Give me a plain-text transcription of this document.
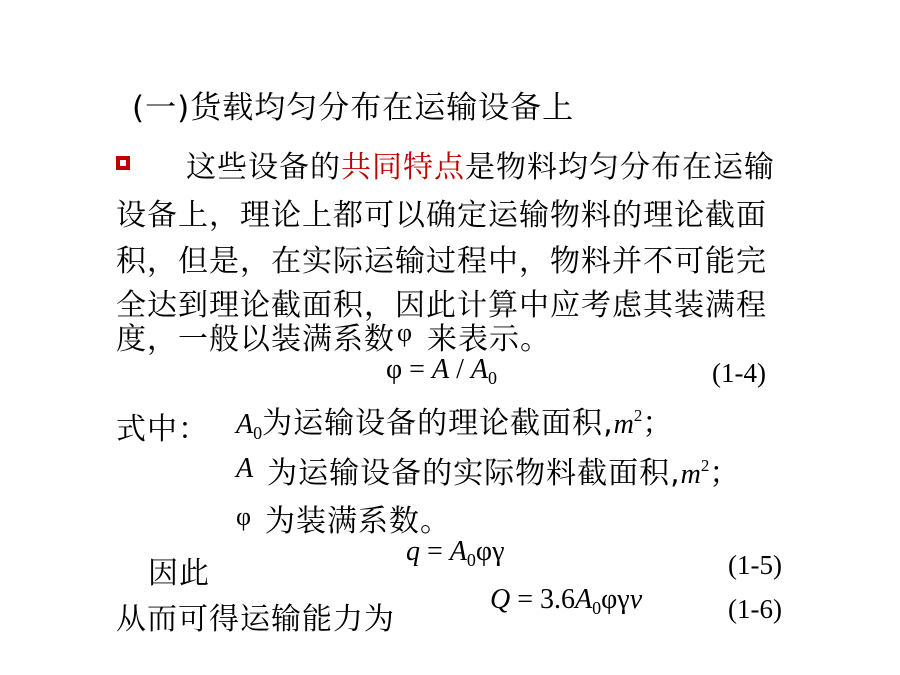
(一)货载均匀分布在运输设备上
这些设备的共同特点是物料均匀分布在运输
设备上，理论上都可以确定运输物料的理论截面
积，但是，在实际运输过程中，物料并不可能完
全达到理论截面积，因此计算中应考虑其装满程
度，一般以装满系数φ 来表示。
$\varphi = A / A_0$	(1-4)
式中： $A_0$为运输设备的理论截面积$,m^2$；
A 为运输设备的实际物料截面积$,m^2$；
φ 为装满系数。
因此
$q = A_0\varphi\gamma$	(1-5)
从而可得运输能力为
$Q = 3.6A_0\varphi\gamma v$	(1-6)
